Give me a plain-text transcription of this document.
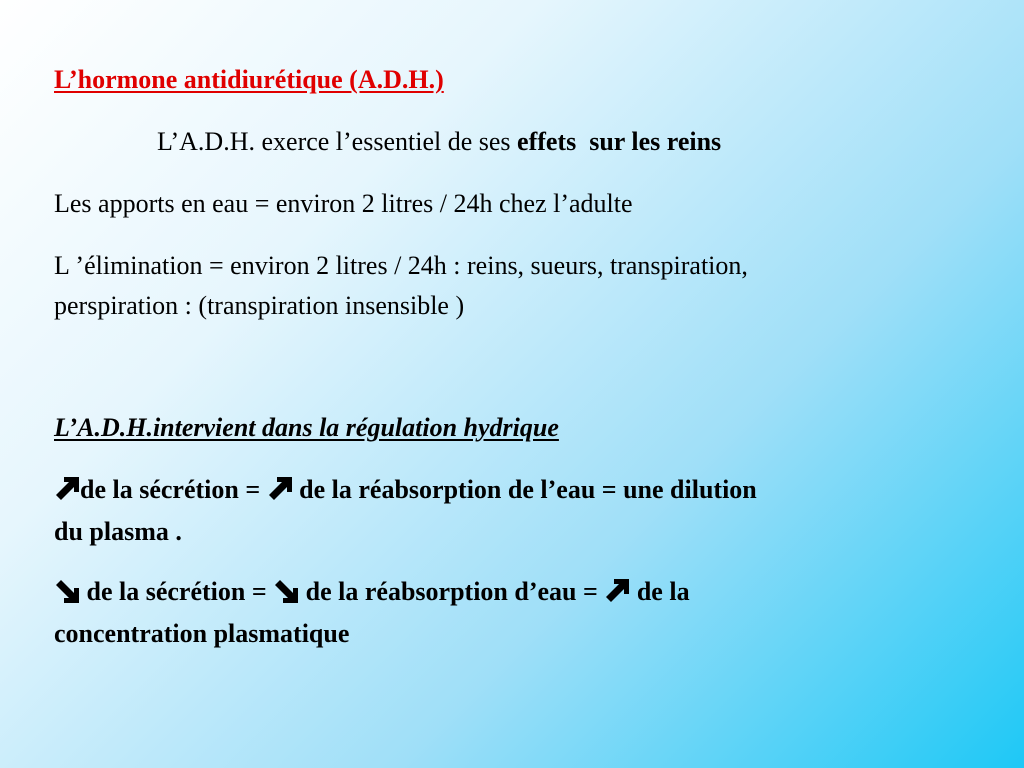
L’hormone antidiurétique (A.D.H.)
L’A.D.H. exerce l’essentiel de ses effets sur les reins
Les apports en eau = environ 2 litres / 24h chez l’adulte
L ’élimination = environ 2 litres / 24h : reins, sueurs, transpiration,
perspiration : (transpiration insensible )
L’A.D.H.intervient dans la régulation hydrique
de la sécrétion =
de la réabsorption de l’eau = une dilution
du plasma .
de la sécrétion =
de la réabsorption d’eau =
de la
concentration plasmatique
